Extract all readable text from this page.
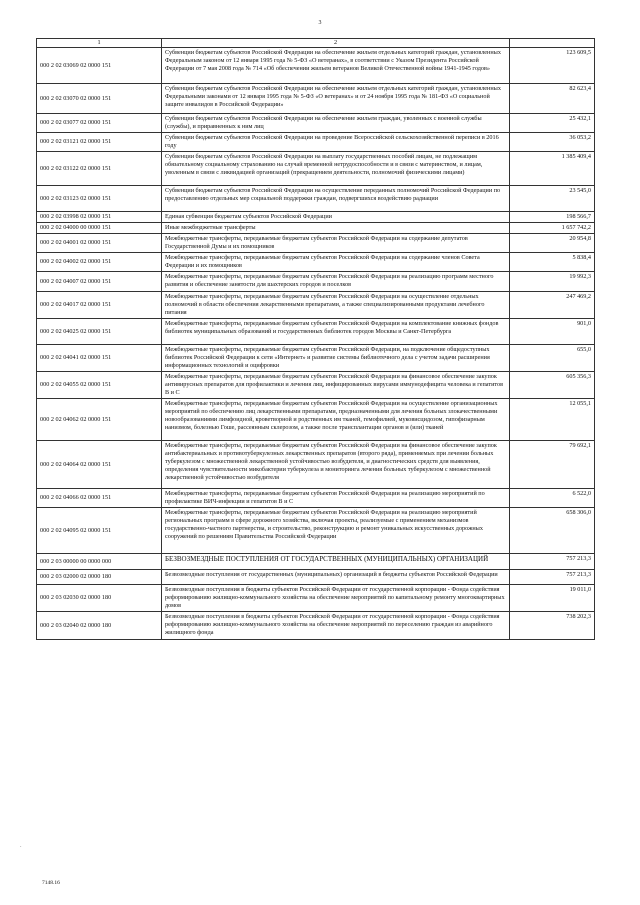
3
1	2	
000 2 02 03069 02 0000 151	Субвенции бюджетам субъектов Российской Федерации на обеспечение жильем отдельных категорий граждан, установленных Федеральным законом от 12 января 1995 года № 5-ФЗ «О ветеранах», в соответствии с Указом Президента Российской Федерации от 7 мая 2008 года № 714 «Об обеспечении жильем ветеранов Великой Отечественной войны 1941-1945 годов»	123 609,5
000 2 02 03070 02 0000 151	Субвенции бюджетам субъектов Российской Федерации на обеспечение жильем отдельных категорий граждан, установленных Федеральными законами от 12 января 1995 года № 5-ФЗ «О ветеранах» и от 24 ноября 1995 года № 181-ФЗ «О социальной защите инвалидов в Российской Федерации»	82 623,4
000 2 02 03077 02 0000 151	Субвенции бюджетам субъектов Российской Федерации на обеспечение жильем граждан, уволенных с военной службы (службы), и приравненных к ним лиц	25 432,1
000 2 02 03121 02 0000 151	Субвенции бюджетам субъектов Российской Федерации на проведение Всероссийской сельскохозяйственной переписи в 2016 году	36 053,2
000 2 02 03122 02 0000 151	Субвенции бюджетам субъектов Российской Федерации на выплату государственных пособий лицам, не подлежащим обязательному социальному страхованию на случай временной нетрудоспособности и в связи с материнством, и лицам, уволенным в связи с ликвидацией организаций (прекращением деятельности, полномочий физическими лицами)	1 385 409,4
000 2 02 03123 02 0000 151	Субвенции бюджетам субъектов Российской Федерации на осуществление переданных полномочий Российской Федерации по предоставлению отдельных мер социальной поддержки граждан, подвергшихся воздействию радиации	23 545,0
000 2 02 03998 02 0000 151	Единая субвенция бюджетам субъектов Российской Федерации	198 566,7
000 2 02 04000 00 0000 151	Иные межбюджетные трансферты	1 657 742,2
000 2 02 04001 02 0000 151	Межбюджетные трансферты, передаваемые бюджетам субъектов Российской Федерации на содержание депутатов Государственной Думы и их помощников	20 954,8
000 2 02 04002 02 0000 151	Межбюджетные трансферты, передаваемые бюджетам субъектов Российской Федерации на содержание членов Совета Федерации и их помощников	5 838,4
000 2 02 04007 02 0000 151	Межбюджетные трансферты, передаваемые бюджетам субъектов Российской Федерации на реализацию программ местного развития и обеспечение занятости для шахтерских городов и поселков	19 992,3
000 2 02 04017 02 0000 151	Межбюджетные трансферты, передаваемые бюджетам субъектов Российской Федерации на осуществление отдельных полномочий в области обеспечения лекарственными препаратами, а также специализированными продуктами лечебного питания	247 469,2
000 2 02 04025 02 0000 151	Межбюджетные трансферты, передаваемые бюджетам субъектов Российской Федерации на комплектование книжных фондов библиотек муниципальных образований и государственных библиотек городов Москвы и Санкт-Петербурга	901,0
000 2 02 04041 02 0000 151	Межбюджетные трансферты, передаваемые бюджетам субъектов Российской Федерации, на подключение общедоступных библиотек Российской Федерации к сети «Интернет» и развитие системы библиотечного дела с учетом задачи расширения информационных технологий и оцифровки	655,0
000 2 02 04055 02 0000 151	Межбюджетные трансферты, передаваемые бюджетам субъектов Российской Федерации на финансовое обеспечение закупок антивирусных препаратов для профилактики и лечения лиц, инфицированных вирусами иммунодефицита человека и гепатитов B и C	605 356,3
000 2 02 04062 02 0000 151	Межбюджетные трансферты, передаваемые бюджетам субъектов Российской Федерации на осуществление организационных мероприятий по обеспечению лиц лекарственными препаратами, предназначенными для лечения больных злокачественными новообразованиями лимфоидной, кроветворной и родственных им тканей, гемофилией, муковисцидозом, гипофизарным нанизмом, болезнью Гоше, рассеянным склерозом, а также после трансплантации органов и (или) тканей	12 055,1
000 2 02 04064 02 0000 151	Межбюджетные трансферты, передаваемые бюджетам субъектов Российской Федерации на финансовое обеспечение закупок антибактериальных и противотуберкулезных лекарственных препаратов (второго ряда), применяемых при лечении больных туберкулезом с множественной лекарственной устойчивостью возбудителя, и диагностических средств для выявления, определения чувствительности микобактерии туберкулеза и мониторинга лечения больных туберкулезом с множественной лекарственной устойчивостью возбудителя	79 692,1
000 2 02 04066 02 0000 151	Межбюджетные трансферты, передаваемые бюджетам субъектов Российской Федерации на реализацию мероприятий по профилактике ВИЧ-инфекции и гепатитов B и C	6 522,0
000 2 02 04095 02 0000 151	Межбюджетные трансферты, передаваемые бюджетам субъектов Российской Федерации на реализацию мероприятий региональных программ в сфере дорожного хозяйства, включая проекты, реализуемые с применением механизмов государственно-частного партнерства, и строительство, реконструкцию и ремонт уникальных искусственных дорожных сооружений по решениям Правительства Российской Федерации	658 306,0
000 2 03 00000 00 0000 000	БЕЗВОЗМЕЗДНЫЕ ПОСТУПЛЕНИЯ ОТ ГОСУДАРСТВЕННЫХ (МУНИЦИПАЛЬНЫХ) ОРГАНИЗАЦИЙ	757 213,3
000 2 03 02000 02 0000 180	Безвозмездные поступления от государственных (муниципальных) организаций в бюджеты субъектов Российской Федерации	757 213,3
000 2 03 02030 02 0000 180	Безвозмездные поступления в бюджеты субъектов Российской Федерации от государственной корпорации - Фонда содействия реформированию жилищно-коммунального хозяйства на обеспечение мероприятий по капитальному ремонту многоквартирных домов	19 011,0
000 2 03 02040 02 0000 180	Безвозмездные поступления в бюджеты субъектов Российской Федерации от государственной корпорации - Фонда содействия реформированию жилищно-коммунального хозяйства на обеспечение мероприятий по переселению граждан из аварийного жилищного фонда	738 202,3
·
7148.16
